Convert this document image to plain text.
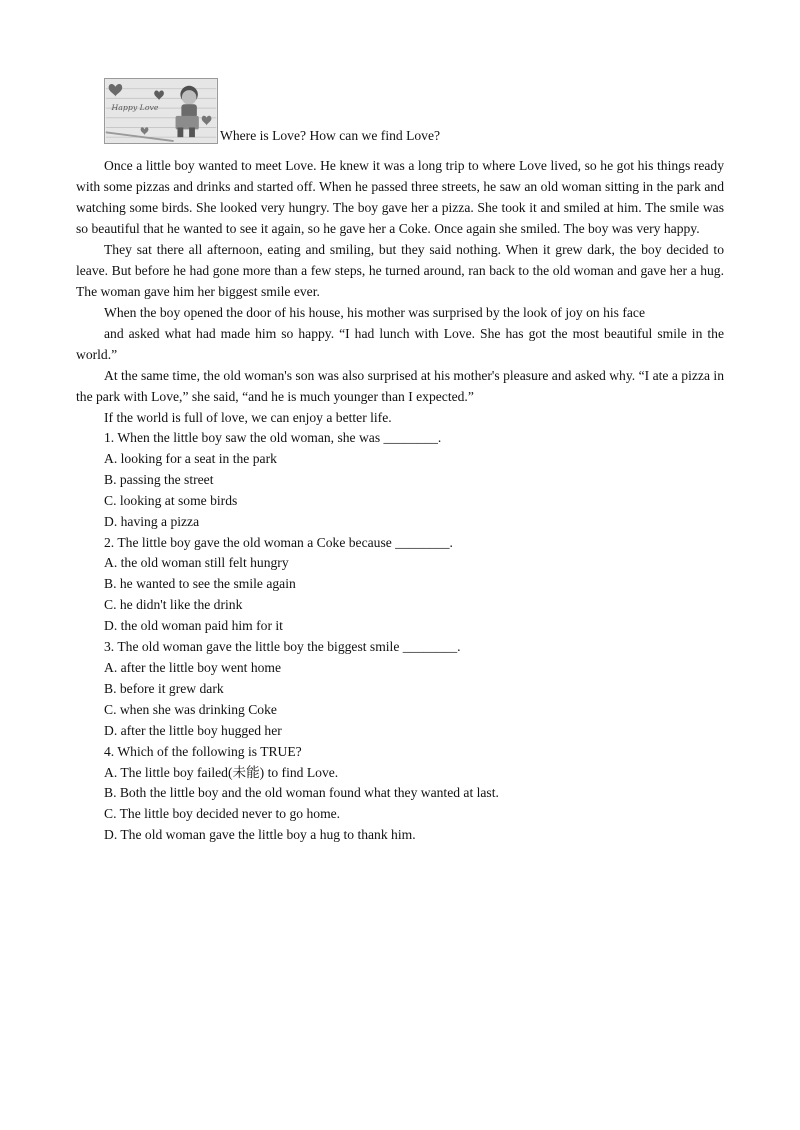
Happy Love
Where is Love? How can we find Love?

Once a little boy wanted to meet Love. He knew it was a long trip to where Love lived, so he got his things ready with some pizzas and drinks and started off. When he passed three streets, he saw an old woman sitting in the park and watching some birds. She looked very hungry. The boy gave her a pizza. She took it and smiled at him. The smile was so beautiful that he wanted to see it again, so he gave her a Coke. Once again she smiled. The boy was very happy.

They sat there all afternoon, eating and smiling, but they said nothing. When it grew dark, the boy decided to leave. But before he had gone more than a few steps, he turned around, ran back to the old woman and gave her a hug. The woman gave him her biggest smile ever.

When the boy opened the door of his house, his mother was surprised by the look of joy on his face

and asked what had made him so happy. “I had lunch with Love. She has got the most beautiful smile in the world.”

At the same time, the old woman's son was also surprised at his mother's pleasure and asked why. “I ate a pizza in the park with Love,” she said, “and he is much younger than I expected.”

If the world is full of love, we can enjoy a better life.

1. When the little boy saw the old woman, she was ________.

A. looking for a seat in the park

B. passing the street

C. looking at some birds

D. having a pizza

2. The little boy gave the old woman a Coke because ________.

A. the old woman still felt hungry

B. he wanted to see the smile again

C. he didn't like the drink

D. the old woman paid him for it

3. The old woman gave the little boy the biggest smile ________.

A. after the little boy went home

B. before it grew dark

C. when she was drinking Coke

D. after the little boy hugged her

4. Which of the following is TRUE?

A. The little boy failed(未能) to find Love.

B. Both the little boy and the old woman found what they wanted at last.

C. The little boy decided never to go home.

D. The old woman gave the little boy a hug to thank him.
